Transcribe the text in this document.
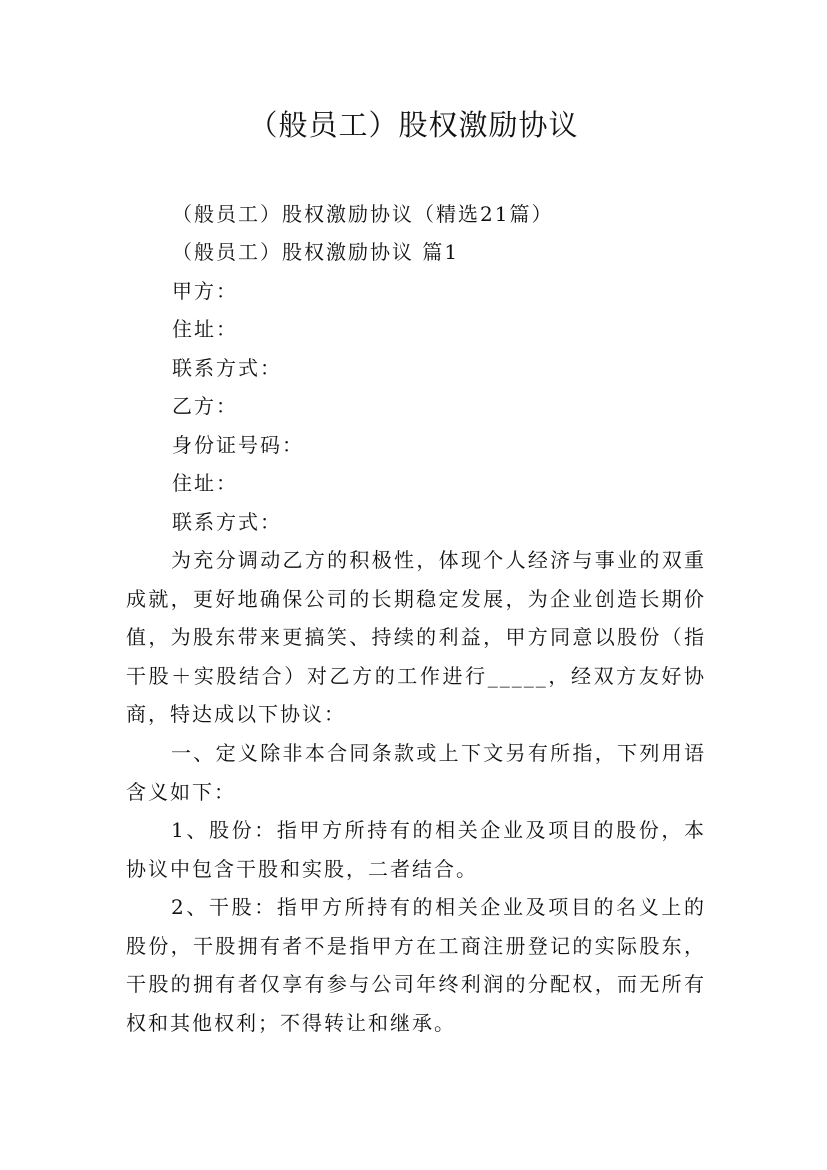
（般员工）股权激励协议
（般员工）股权激励协议（精选21篇）
（般员工）股权激励协议 篇1
甲方：
住址：
联系方式：
乙方：
身份证号码：
住址：
联系方式：
为充分调动乙方的积极性，体现个人经济与事业的双重成就，更好地确保公司的长期稳定发展，为企业创造长期价值，为股东带来更搞笑、持续的利益，甲方同意以股份（指干股＋实股结合）对乙方的工作进行_____，经双方友好协商，特达成以下协议：
一、定义除非本合同条款或上下文另有所指，下列用语含义如下：
1、股份：指甲方所持有的相关企业及项目的股份，本协议中包含干股和实股，二者结合。
2、干股：指甲方所持有的相关企业及项目的名义上的股份，干股拥有者不是指甲方在工商注册登记的实际股东，干股的拥有者仅享有参与公司年终利润的分配权，而无所有权和其他权利；不得转让和继承。
